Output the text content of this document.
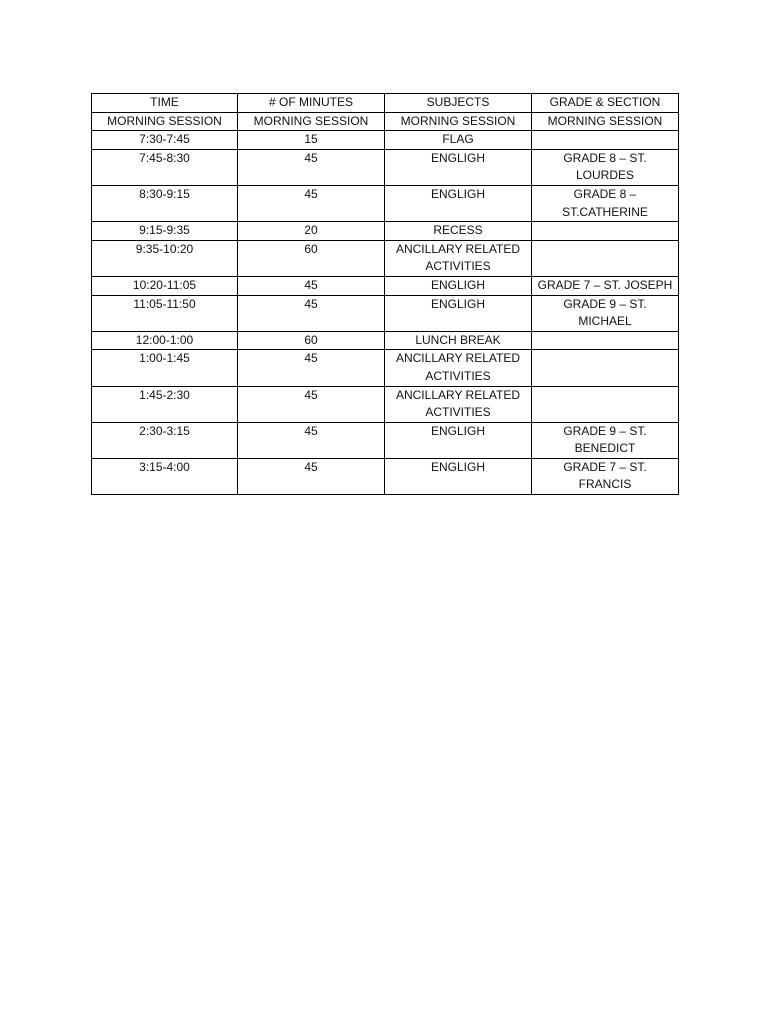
TIME	# OF MINUTES	SUBJECTS	GRADE & SECTION
MORNING SESSION	MORNING SESSION	MORNING SESSION	MORNING SESSION
7:30-7:45	15	FLAG	
7:45-8:30	45	ENGLIGH	GRADE 8 – ST. LOURDES
8:30-9:15	45	ENGLIGH	GRADE 8 – ST.CATHERINE
9:15-9:35	20	RECESS	
9:35-10:20	60	ANCILLARY RELATED ACTIVITIES	
10:20-11:05	45	ENGLIGH	GRADE 7 – ST. JOSEPH
11:05-11:50	45	ENGLIGH	GRADE 9 – ST. MICHAEL
12:00-1:00	60	LUNCH BREAK	
1:00-1:45	45	ANCILLARY RELATED ACTIVITIES	
1:45-2:30	45	ANCILLARY RELATED ACTIVITIES	
2:30-3:15	45	ENGLIGH	GRADE 9 – ST. BENEDICT
3:15-4:00	45	ENGLIGH	GRADE 7 – ST. FRANCIS
